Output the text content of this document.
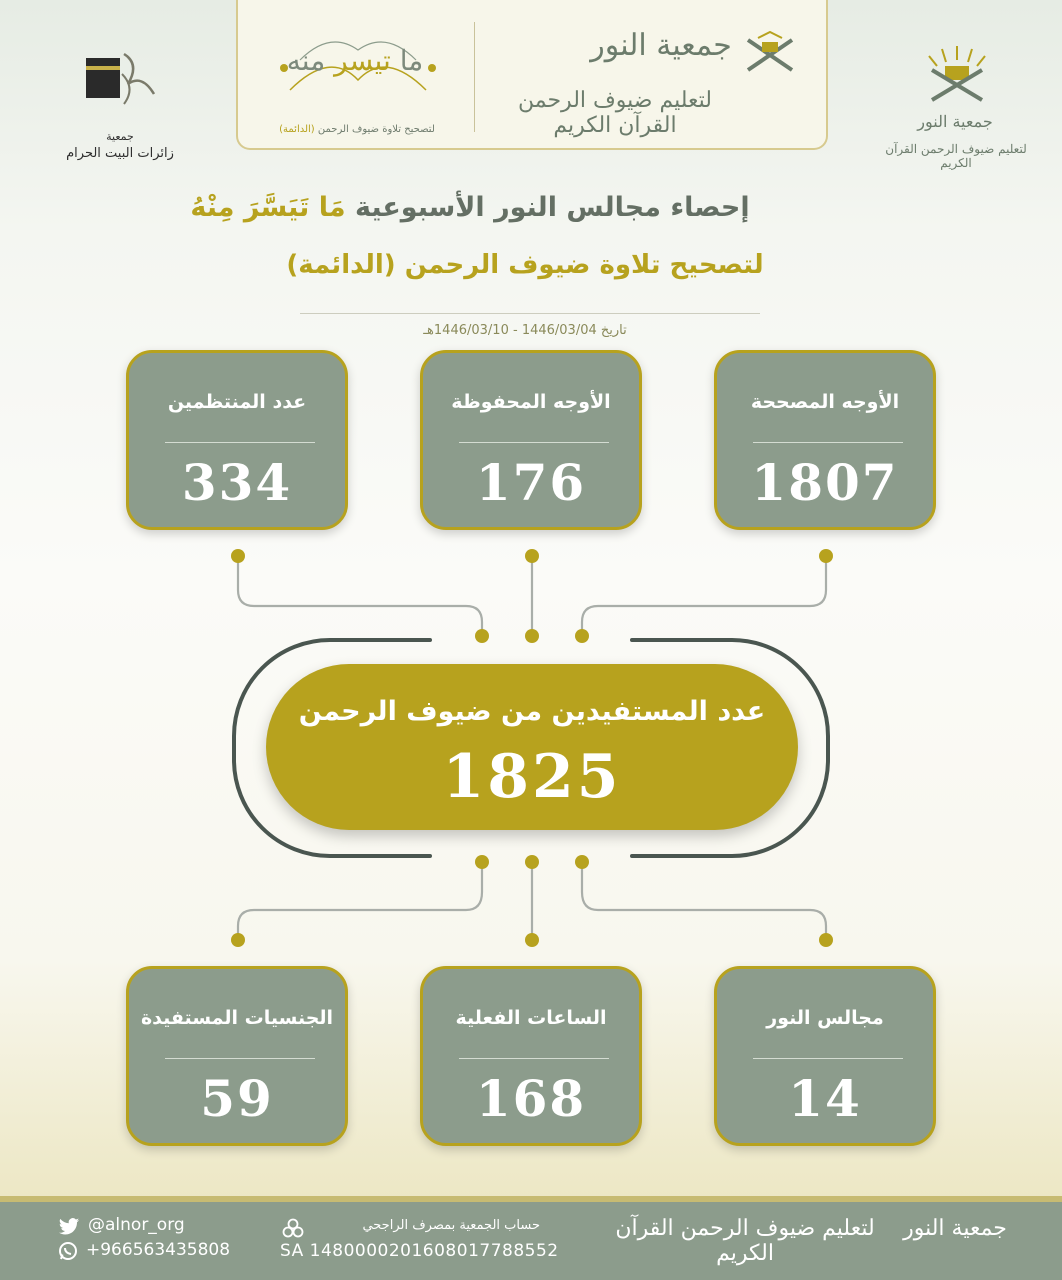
جمعية النور
لتعليم ضيوف الرحمن القرآن الكريم
ما تيسر منه
لتصحيح تلاوة ضيوف الرحمن (الدائمة)	جمعية النور
لتعليم ضيوف الرحمن القرآن الكريم
جمعية
زائرات البيت الحرام
إحصاء مجالس النور الأسبوعية مَا تَيَسَّرَ مِنْهُ
لتصحيح تلاوة ضيوف الرحمن (الدائمة)
تاريخ 1446/03/04 - 1446/03/10هـ
الأوجه المصححة
1807
الأوجه المحفوظة
176
عدد المنتظمين
334
عدد المستفيدين من ضيوف الرحمن
1825
مجالس النور
14
الساعات الفعلية
168
الجنسيات المستفيدة
59
@alnor_org
+966563435808
حساب الجمعية بمصرف الراجحي
SA 1480000201608017788552
لتعليم ضيوف الرحمن القرآن الكريم
جمعية النور
